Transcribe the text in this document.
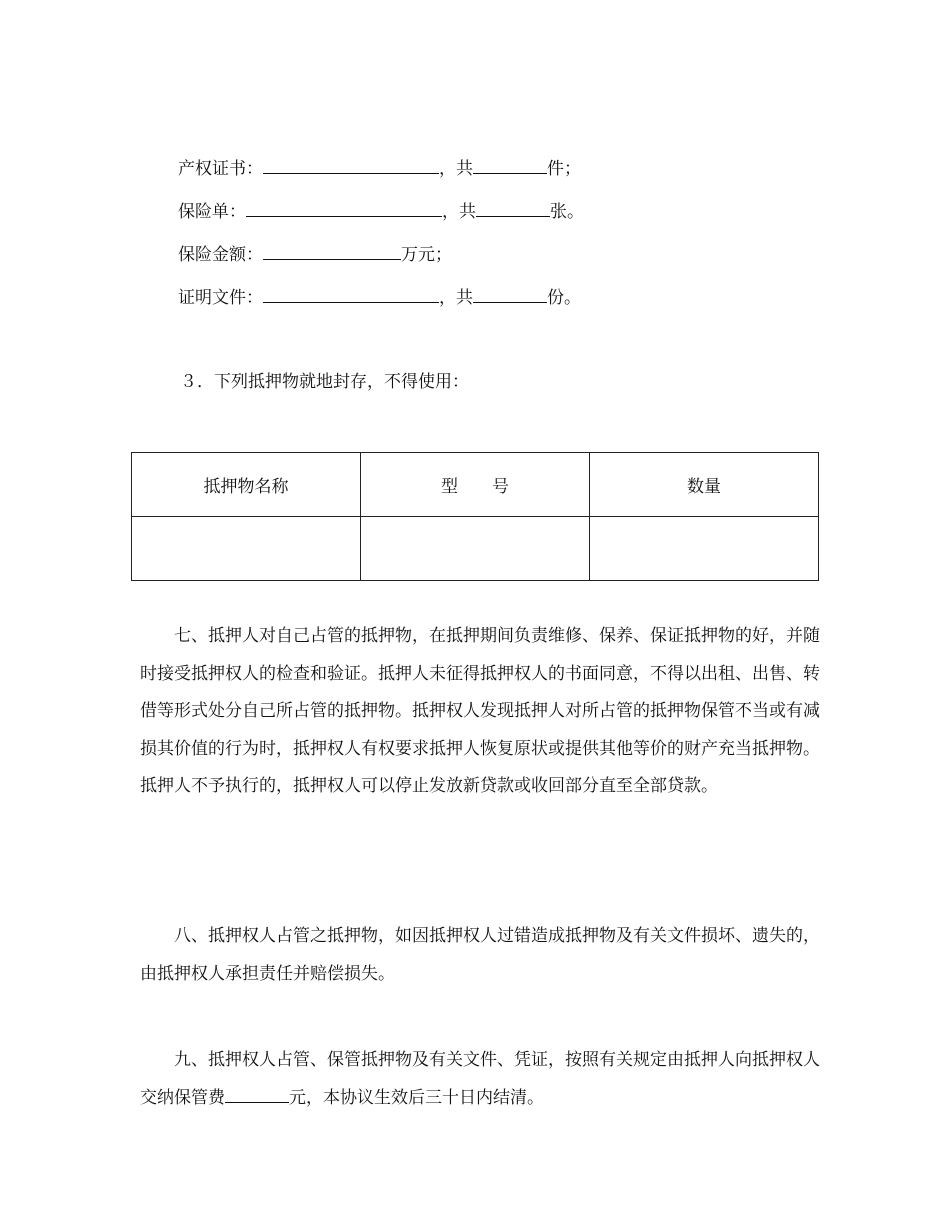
产权证书：	，共	件；
保险单：	，共	张。
保险金额：	万元；
证明文件：	，共	份。
３．下列抵押物就地封存，不得使用：
抵押物名称	型　　号	数量

七、抵押人对自己占管的抵押物，在抵押期间负责维修、保养、保证抵押物的好，并随时接受抵押权人的检查和验证。抵押人未征得抵押权人的书面同意，不得以出租、出售、转借等形式处分自己所占管的抵押物。抵押权人发现抵押人对所占管的抵押物保管不当或有减损其价值的行为时，抵押权人有权要求抵押人恢复原状或提供其他等价的财产充当抵押物。抵押人不予执行的，抵押权人可以停止发放新贷款或收回部分直至全部贷款。
八、抵押权人占管之抵押物，如因抵押权人过错造成抵押物及有关文件损坏、遗失的，由抵押权人承担责任并赔偿损失。
九、抵押权人占管、保管抵押物及有关文件、凭证，按照有关规定由抵押人向抵押权人交纳保管费	元，本协议生效后三十日内结清。
